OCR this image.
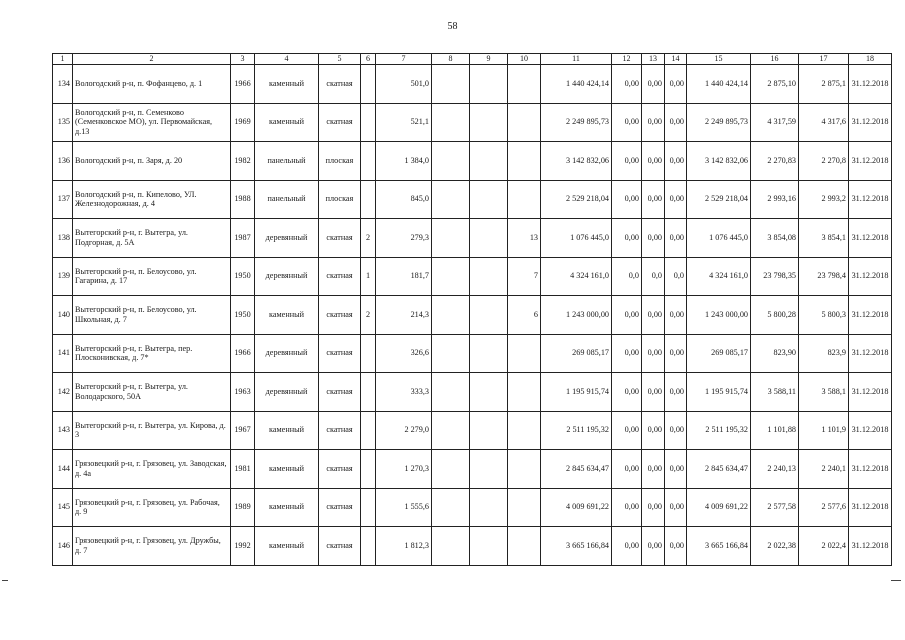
58
1	2	3	4	5	6	7	8	9	10	11	12	13	14	15	16	17	18
134	Вологодский р-н, п. Фофанцево, д. 1	1966	каменный	скатная		501,0				1 440 424,14	0,00	0,00	0,00	1 440 424,14	2 875,10	2 875,1	31.12.2018
135	Вологодский р-н, п. Семенково (Семенковское МО), ул. Первомайская, д.13	1969	каменный	скатная		521,1				2 249 895,73	0,00	0,00	0,00	2 249 895,73	4 317,59	4 317,6	31.12.2018
136	Вологодский р-н, п. Заря, д. 20	1982	панельный	плоская		1 384,0				3 142 832,06	0,00	0,00	0,00	3 142 832,06	2 270,83	2 270,8	31.12.2018
137	Вологодский р-н, п. Кипелово, УЛ. Железнодорожная, д. 4	1988	панельный	плоская		845,0				2 529 218,04	0,00	0,00	0,00	2 529 218,04	2 993,16	2 993,2	31.12.2018
138	Вытегорский р-н, г. Вытегра, ул. Подгорная, д. 5А	1987	деревянный	скатная	2	279,3			13	1 076 445,0	0,00	0,00	0,00	1 076 445,0	3 854,08	3 854,1	31.12.2018
139	Вытегорский р-н, п. Белоусово, ул. Гагарина, д. 17	1950	деревянный	скатная	1	181,7			7	4 324 161,0	0,0	0,0	0,0	4 324 161,0	23 798,35	23 798,4	31.12.2018
140	Вытегорский р-н, п. Белоусово, ул. Школьная, д. 7	1950	каменный	скатная	2	214,3			6	1 243 000,00	0,00	0,00	0,00	1 243 000,00	5 800,28	5 800,3	31.12.2018
141	Вытегорский р-н, г. Вытегра, пер. Плосконивская, д. 7*	1966	деревянный	скатная		326,6				269 085,17	0,00	0,00	0,00	269 085,17	823,90	823,9	31.12.2018
142	Вытегорский р-н, г. Вытегра, ул. Володарского, 50А	1963	деревянный	скатная		333,3				1 195 915,74	0,00	0,00	0,00	1 195 915,74	3 588,11	3 588,1	31.12.2018
143	Вытегорский р-н, г. Вытегра, ул. Кирова, д. 3	1967	каменный	скатная		2 279,0				2 511 195,32	0,00	0,00	0,00	2 511 195,32	1 101,88	1 101,9	31.12.2018
144	Грязовецкий р-н, г. Грязовец, ул. Заводская, д. 4а	1981	каменный	скатная		1 270,3				2 845 634,47	0,00	0,00	0,00	2 845 634,47	2 240,13	2 240,1	31.12.2018
145	Грязовецкий р-н, г. Грязовец, ул. Рабочая, д. 9	1989	каменный	скатная		1 555,6				4 009 691,22	0,00	0,00	0,00	4 009 691,22	2 577,58	2 577,6	31.12.2018
146	Грязовецкий р-н, г. Грязовец, ул. Дружбы, д. 7	1992	каменный	скатная		1 812,3				3 665 166,84	0,00	0,00	0,00	3 665 166,84	2 022,38	2 022,4	31.12.2018
